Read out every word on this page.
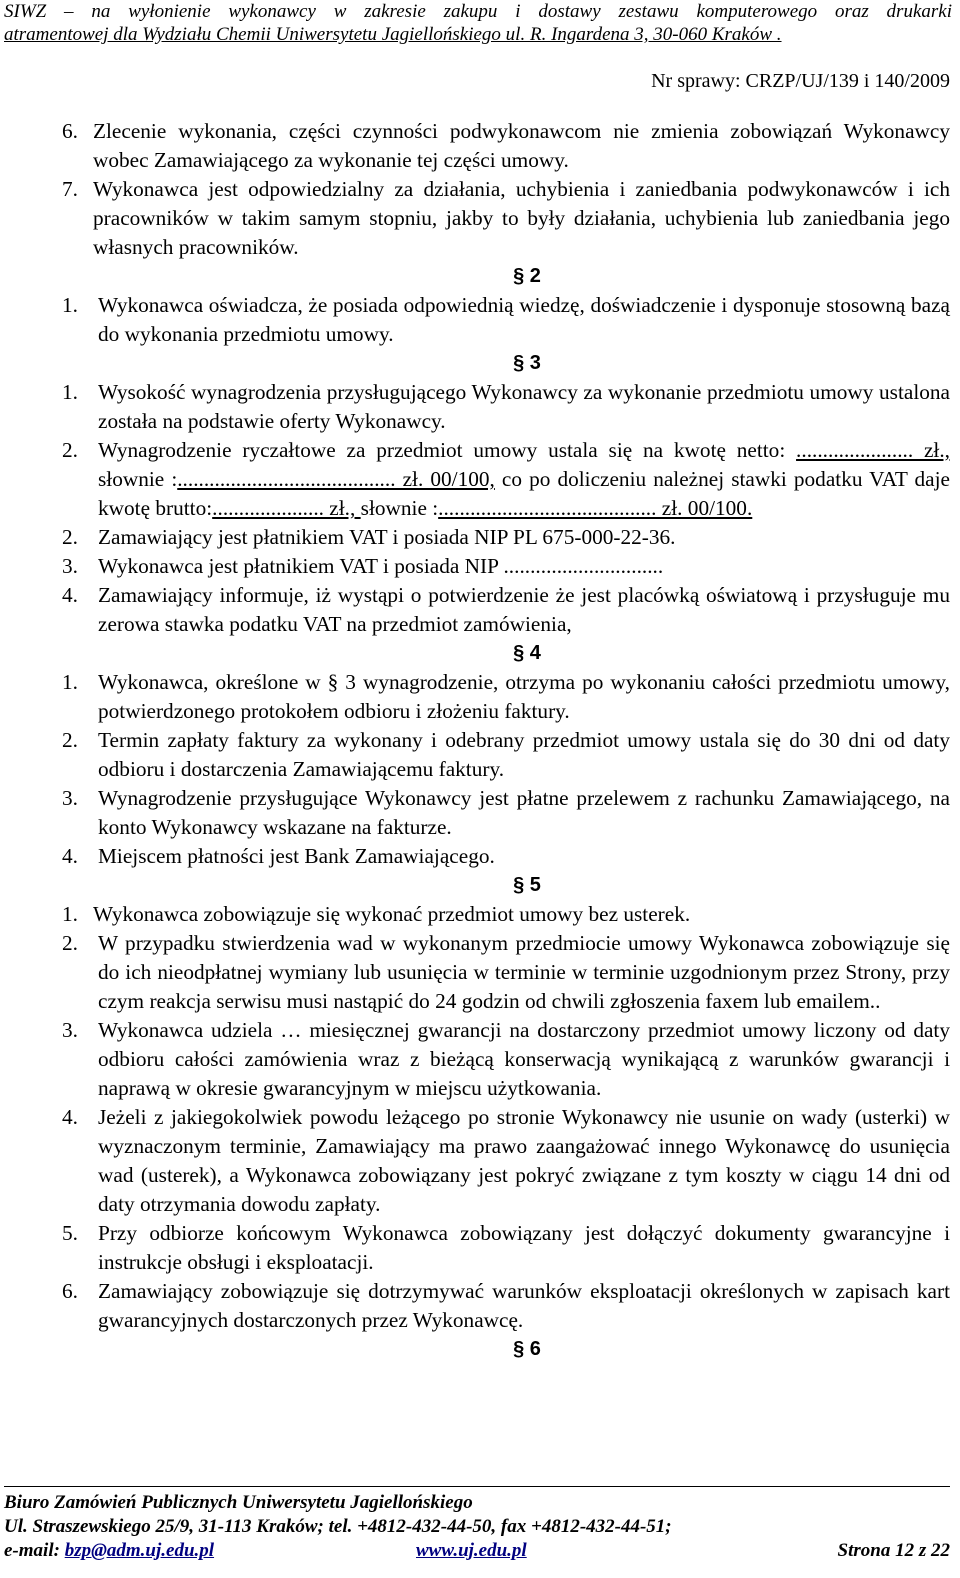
SIWZ – na wyłonienie wykonawcy w zakresie zakupu i dostawy zestawu komputerowego oraz drukarki
atramentowej dla Wydziału Chemii Uniwersytetu Jagiellońskiego ul. R. Ingardena 3, 30-060 Kraków .
Nr sprawy: CRZP/UJ/139 i 140/2009
6. Zlecenie wykonania, części czynności podwykonawcom nie zmienia zobowiązań Wykonawcy wobec Zamawiającego za wykonanie tej części umowy.
7. Wykonawca jest odpowiedzialny za działania, uchybienia i zaniedbania podwykonawców i ich pracowników w takim samym stopniu, jakby to były działania, uchybienia lub zaniedbania jego własnych pracowników.
§ 2
1. Wykonawca oświadcza, że posiada odpowiednią wiedzę, doświadczenie i dysponuje stosowną bazą do wykonania przedmiotu umowy.
§ 3
1. Wysokość wynagrodzenia przysługującego Wykonawcy za wykonanie przedmiotu umowy ustalona została na podstawie oferty Wykonawcy.
2. Wynagrodzenie ryczałtowe za przedmiot umowy ustala się na kwotę netto: ...................... zł., słownie :......................................... zł. 00/100, co po doliczeniu należnej stawki podatku VAT daje kwotę brutto:..................... zł., słownie :......................................... zł. 00/100.
2. Zamawiający jest płatnikiem VAT i posiada NIP PL 675-000-22-36.
3. Wykonawca jest płatnikiem VAT i posiada NIP ..............................
4. Zamawiający informuje, iż wystąpi o potwierdzenie że jest placówką oświatową i przysługuje mu zerowa stawka podatku VAT na przedmiot zamówienia,
§ 4
1. Wykonawca, określone w § 3 wynagrodzenie, otrzyma po wykonaniu całości przedmiotu umowy, potwierdzonego protokołem odbioru i złożeniu faktury.
2. Termin zapłaty faktury za wykonany i odebrany przedmiot umowy ustala się do 30 dni od daty odbioru i dostarczenia Zamawiającemu faktury.
3. Wynagrodzenie przysługujące Wykonawcy jest płatne przelewem z rachunku Zamawiającego, na konto Wykonawcy wskazane na fakturze.
4. Miejscem płatności jest Bank Zamawiającego.
§ 5
1. Wykonawca zobowiązuje się wykonać przedmiot umowy bez usterek.
2. W przypadku stwierdzenia wad w wykonanym przedmiocie umowy Wykonawca zobowiązuje się do ich nieodpłatnej wymiany lub usunięcia w terminie w terminie uzgodnionym przez Strony, przy czym reakcja serwisu musi nastąpić do 24 godzin od chwili zgłoszenia faxem lub emailem..
3. Wykonawca udziela … miesięcznej gwarancji na dostarczony przedmiot umowy liczony od daty odbioru całości zamówienia wraz z bieżącą konserwacją wynikającą z warunków gwarancji i naprawą w okresie gwarancyjnym w miejscu użytkowania.
4. Jeżeli z jakiegokolwiek powodu leżącego po stronie Wykonawcy nie usunie on wady (usterki) w wyznaczonym terminie, Zamawiający ma prawo zaangażować innego Wykonawcę do usunięcia wad (usterek), a Wykonawca zobowiązany jest pokryć związane z tym koszty w ciągu 14 dni od daty otrzymania dowodu zapłaty.
5. Przy odbiorze końcowym Wykonawca zobowiązany jest dołączyć dokumenty gwarancyjne i instrukcje obsługi i eksploatacji.
6. Zamawiający zobowiązuje się dotrzymywać warunków eksploatacji określonych w zapisach kart gwarancyjnych dostarczonych przez Wykonawcę.
§ 6
Biuro Zamówień Publicznych Uniwersytetu Jagiellońskiego
Ul. Straszewskiego 25/9, 31-113 Kraków; tel. +4812-432-44-50, fax +4812-432-44-51;
e-mail: bzp@adm.uj.edu.pl	www.uj.edu.pl	Strona 12 z 22
